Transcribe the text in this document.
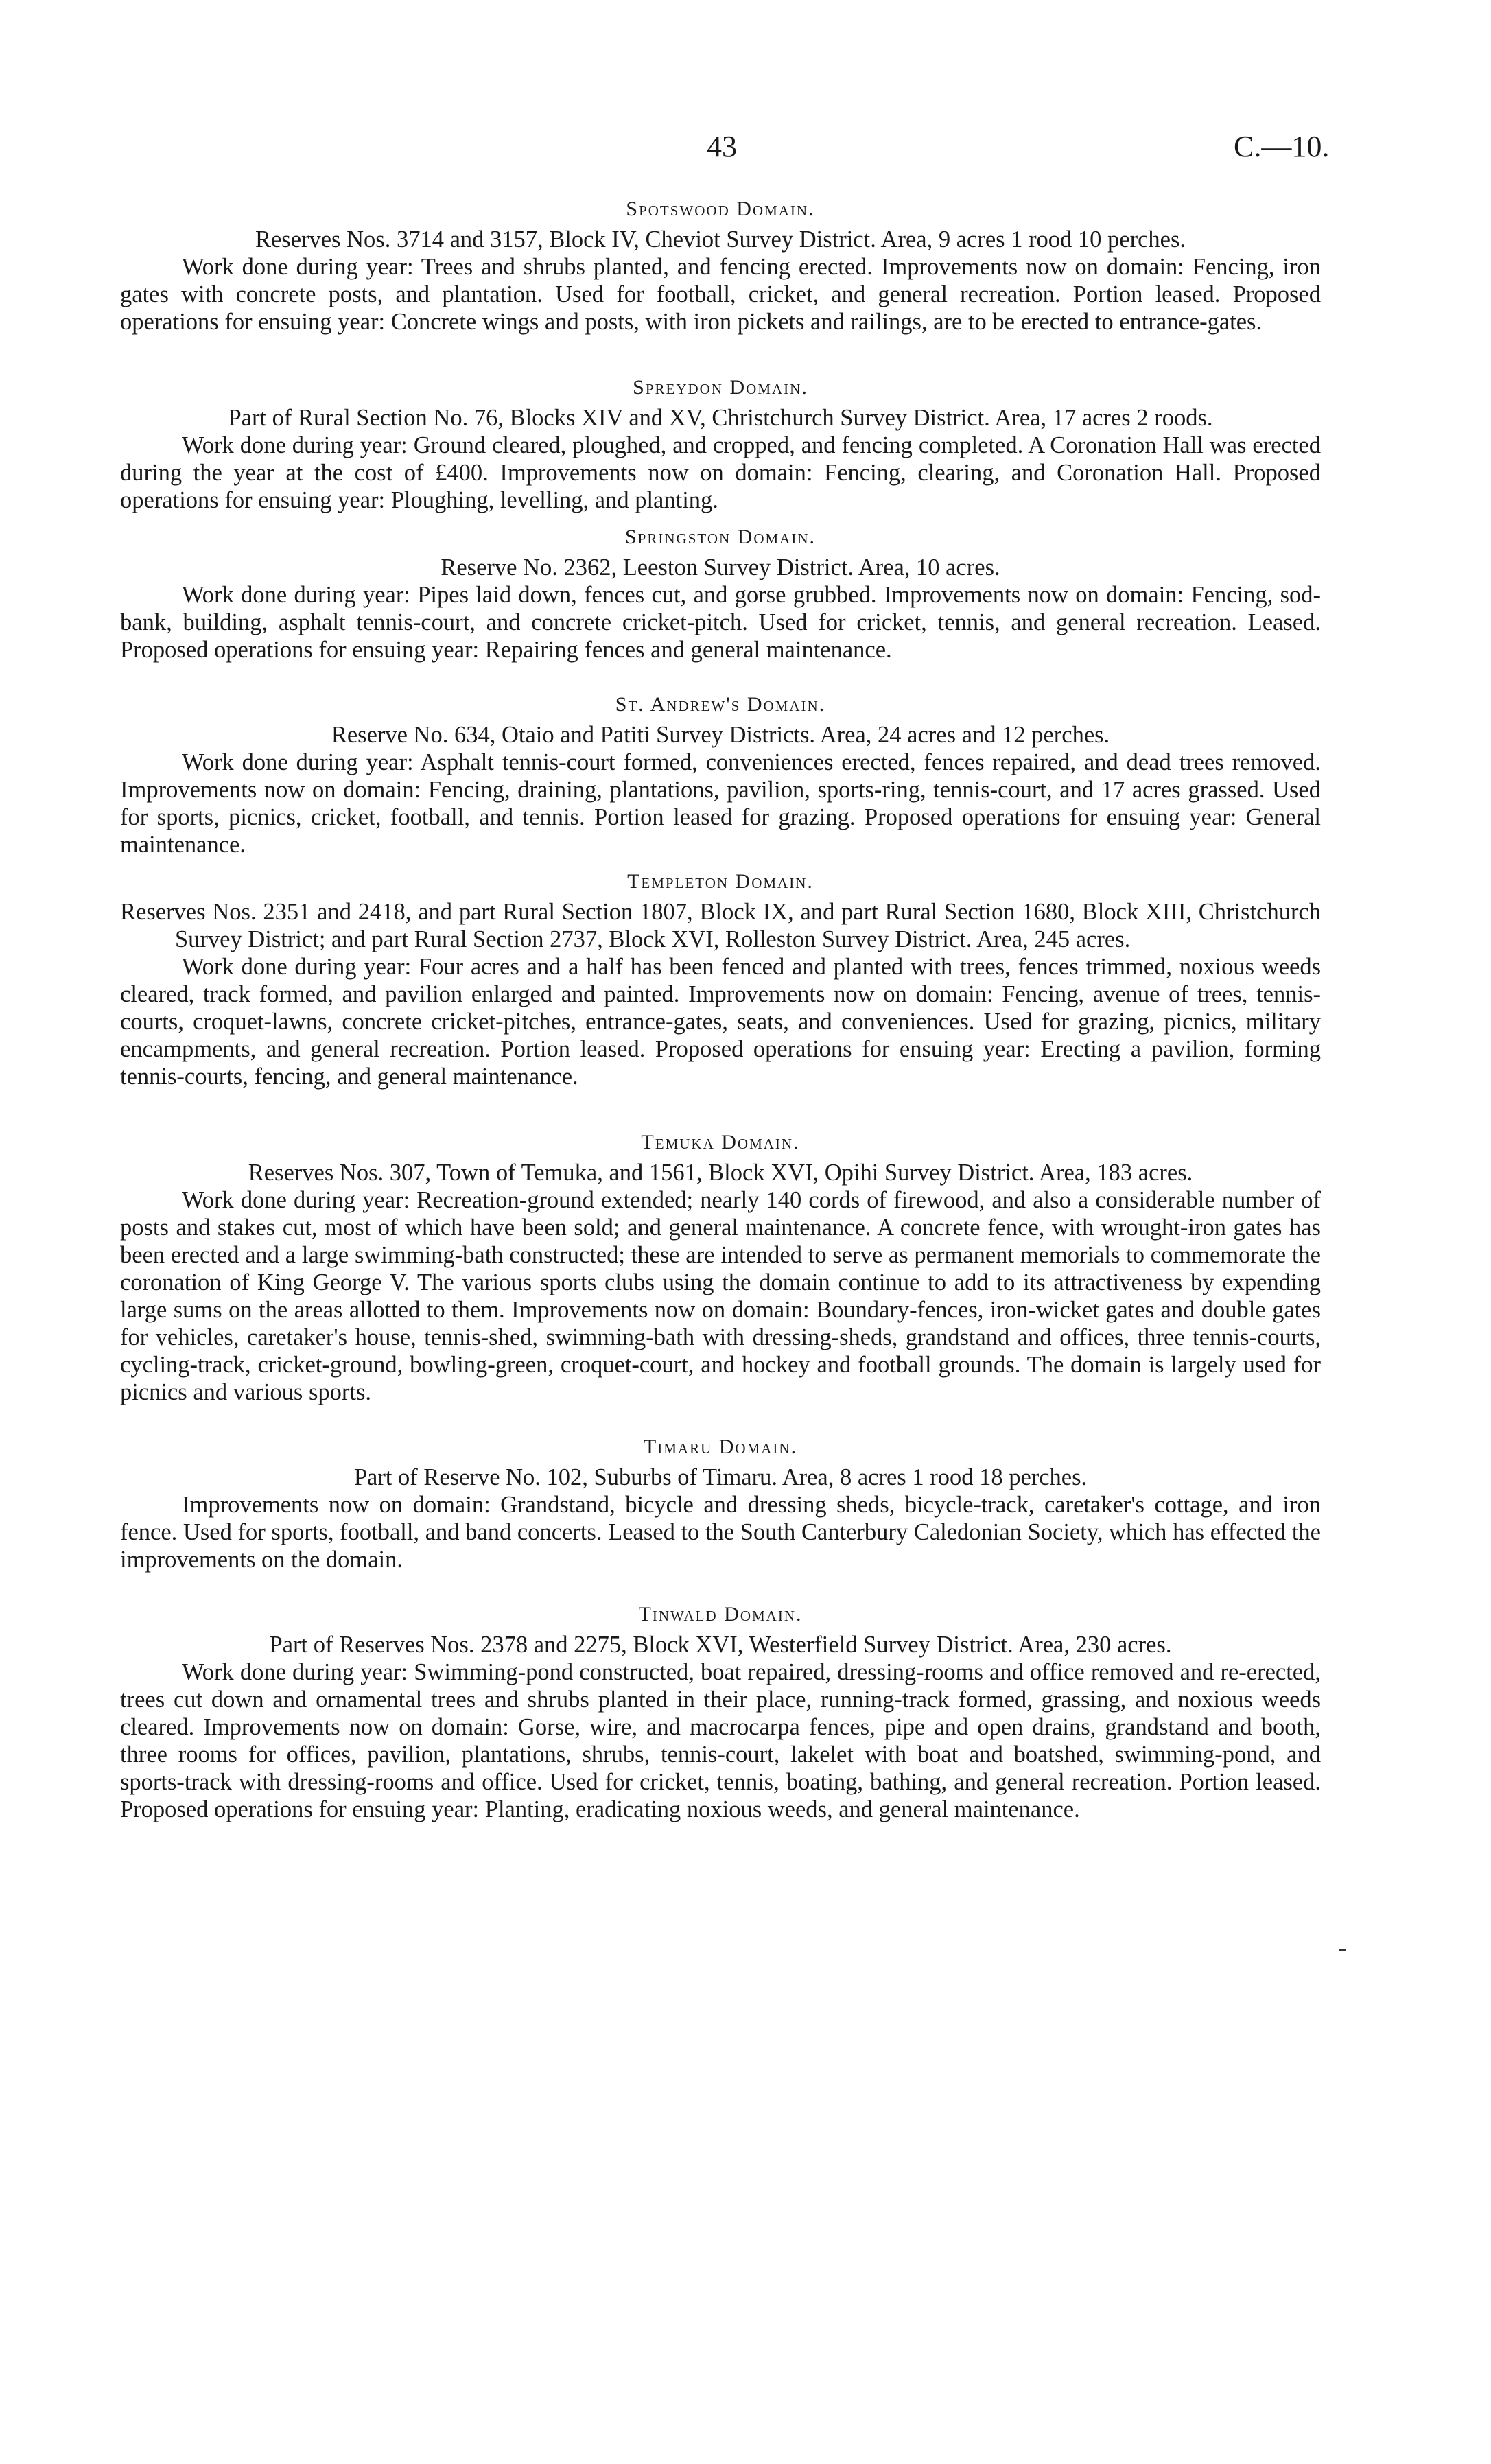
43	C.—10.

Spotswood Domain.

Reserves Nos. 3714 and 3157, Block IV, Cheviot Survey District. Area, 9 acres 1 rood 10 perches.

Work done during year: Trees and shrubs planted, and fencing erected. Improvements now on domain: Fencing, iron gates with concrete posts, and plantation. Used for football, cricket, and general recreation. Portion leased. Proposed operations for ensuing year: Concrete wings and posts, with iron pickets and railings, are to be erected to entrance-gates.

Spreydon Domain.

Part of Rural Section No. 76, Blocks XIV and XV, Christchurch Survey District. Area, 17 acres 2 roods.

Work done during year: Ground cleared, ploughed, and cropped, and fencing completed. A Coronation Hall was erected during the year at the cost of £400. Improvements now on domain: Fencing, clearing, and Coronation Hall. Proposed operations for ensuing year: Ploughing, levelling, and planting.

Springston Domain.

Reserve No. 2362, Leeston Survey District. Area, 10 acres.

Work done during year: Pipes laid down, fences cut, and gorse grubbed. Improvements now on domain: Fencing, sod-bank, building, asphalt tennis-court, and concrete cricket-pitch. Used for cricket, tennis, and general recreation. Leased. Proposed operations for ensuing year: Repairing fences and general maintenance.

St. Andrew's Domain.

Reserve No. 634, Otaio and Patiti Survey Districts. Area, 24 acres and 12 perches.

Work done during year: Asphalt tennis-court formed, conveniences erected, fences repaired, and dead trees removed. Improvements now on domain: Fencing, draining, plantations, pavilion, sports-ring, tennis-court, and 17 acres grassed. Used for sports, picnics, cricket, football, and tennis. Portion leased for grazing. Proposed operations for ensuing year: General maintenance.

Templeton Domain.

Reserves Nos. 2351 and 2418, and part Rural Section 1807, Block IX, and part Rural Section 1680, Block XIII, Christchurch Survey District; and part Rural Section 2737, Block XVI, Rolleston Survey District. Area, 245 acres.

Work done during year: Four acres and a half has been fenced and planted with trees, fences trimmed, noxious weeds cleared, track formed, and pavilion enlarged and painted. Improvements now on domain: Fencing, avenue of trees, tennis-courts, croquet-lawns, concrete cricket-pitches, entrance-gates, seats, and conveniences. Used for grazing, picnics, military encampments, and general recreation. Portion leased. Proposed operations for ensuing year: Erecting a pavilion, forming tennis-courts, fencing, and general maintenance.

Temuka Domain.

Reserves Nos. 307, Town of Temuka, and 1561, Block XVI, Opihi Survey District. Area, 183 acres.

Work done during year: Recreation-ground extended; nearly 140 cords of firewood, and also a considerable number of posts and stakes cut, most of which have been sold; and general maintenance. A concrete fence, with wrought-iron gates has been erected and a large swimming-bath constructed; these are intended to serve as permanent memorials to commemorate the coronation of King George V. The various sports clubs using the domain continue to add to its attractiveness by expending large sums on the areas allotted to them. Improvements now on domain: Boundary-fences, iron-wicket gates and double gates for vehicles, caretaker's house, tennis-shed, swimming-bath with dressing-sheds, grandstand and offices, three tennis-courts, cycling-track, cricket-ground, bowling-green, croquet-court, and hockey and football grounds. The domain is largely used for picnics and various sports.

Timaru Domain.

Part of Reserve No. 102, Suburbs of Timaru. Area, 8 acres 1 rood 18 perches.

Improvements now on domain: Grandstand, bicycle and dressing sheds, bicycle-track, caretaker's cottage, and iron fence. Used for sports, football, and band concerts. Leased to the South Canterbury Caledonian Society, which has effected the improvements on the domain.

Tinwald Domain.

Part of Reserves Nos. 2378 and 2275, Block XVI, Westerfield Survey District. Area, 230 acres.

Work done during year: Swimming-pond constructed, boat repaired, dressing-rooms and office removed and re-erected, trees cut down and ornamental trees and shrubs planted in their place, running-track formed, grassing, and noxious weeds cleared. Improvements now on domain: Gorse, wire, and macrocarpa fences, pipe and open drains, grandstand and booth, three rooms for offices, pavilion, plantations, shrubs, tennis-court, lakelet with boat and boatshed, swimming-pond, and sports-track with dressing-rooms and office. Used for cricket, tennis, boating, bathing, and general recreation. Portion leased. Proposed operations for ensuing year: Planting, eradicating noxious weeds, and general maintenance.
